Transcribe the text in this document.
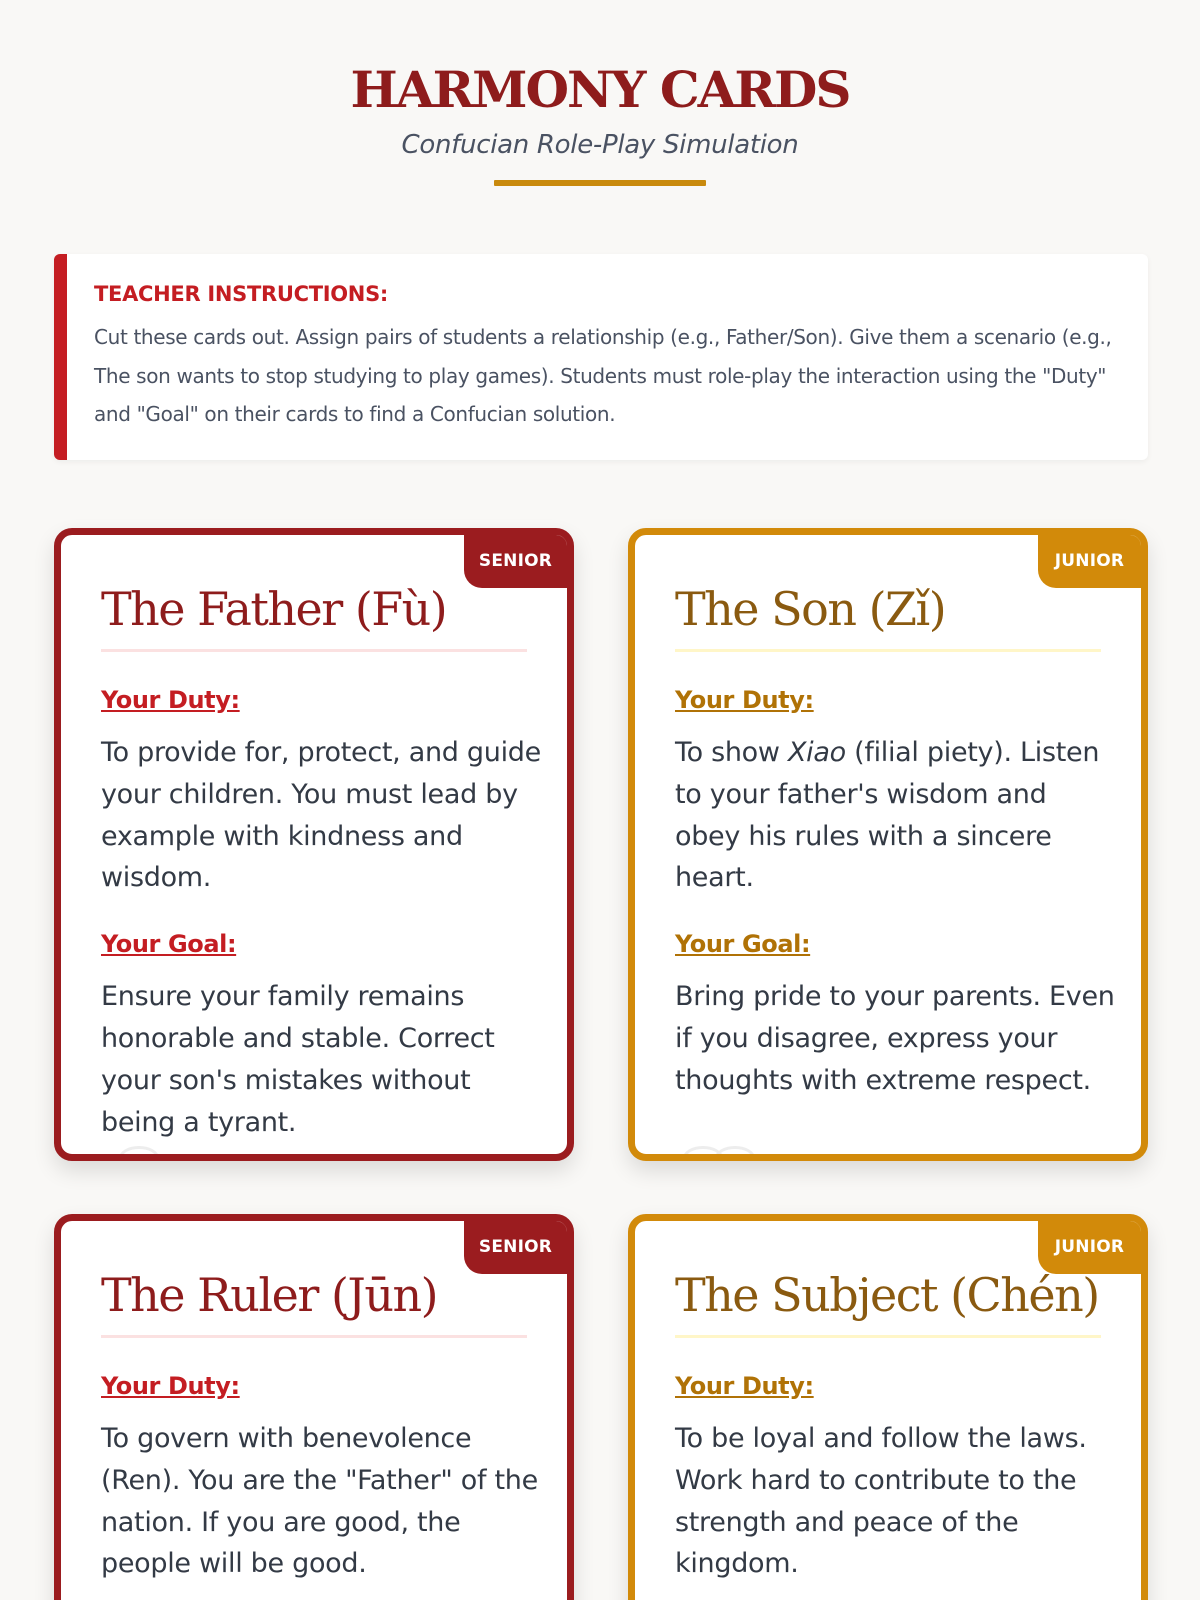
HARMONY CARDS
Confucian Role-Play Simulation
TEACHER INSTRUCTIONS:
Cut these cards out. Assign pairs of students a relationship (e.g., Father/Son). Give them a scenario (e.g., The son wants to stop studying to play games). Students must role-play the interaction using the "Duty" and "Goal" on their cards to find a Confucian solution.
SENIOR
The Father (Fù)

Your Duty:

To provide for, protect, and guide your children. You must lead by example with kindness and wisdom.

Your Goal:

Ensure your family remains honorable and stable. Correct your son's mistakes without being a tyrant.

JUNIOR
The Son (Zǐ)

Your Duty:

To show Xiao (filial piety). Listen to your father's wisdom and obey his rules with a sincere heart.

Your Goal:

Bring pride to your parents. Even if you disagree, express your thoughts with extreme respect.

SENIOR
The Ruler (Jūn)

Your Duty:

To govern with benevolence (Ren). You are the "Father" of the nation. If you are good, the people will be good.

JUNIOR
The Subject (Chén)

Your Duty:

To be loyal and follow the laws. Work hard to contribute to the strength and peace of the kingdom.
